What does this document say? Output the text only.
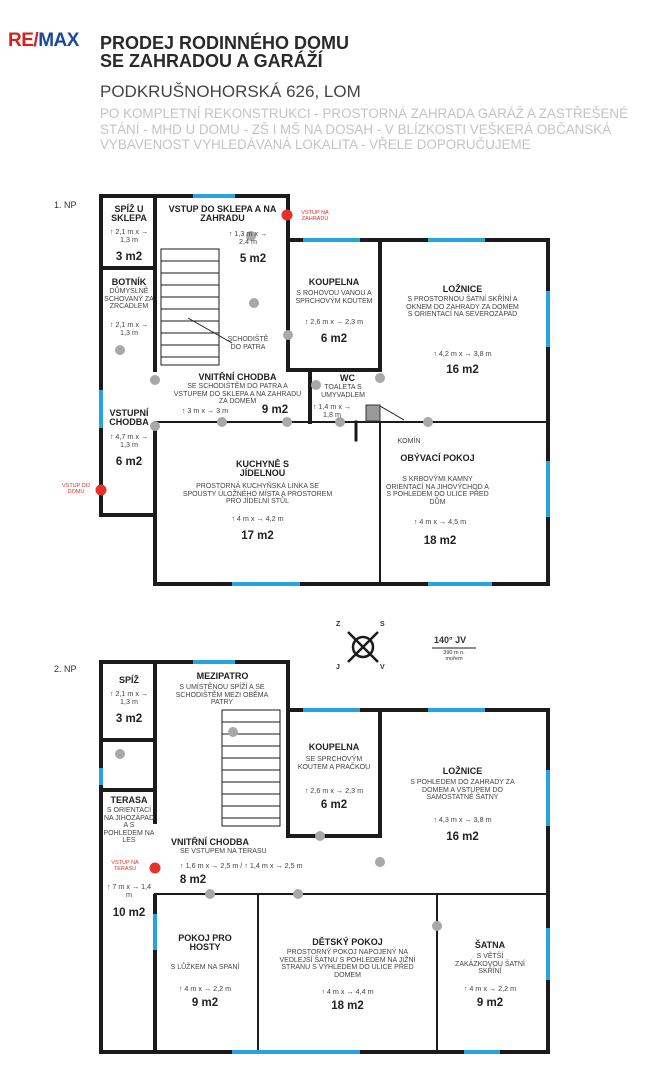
RE/MAX PRODEJ RODINNÉHO DOMU
SE ZAHRADOU A GARÁŽÍ
PODKRUŠNOHORSKÁ 626, LOM
PO KOMPLETNÍ REKONSTRUKCI - PROSTORNÁ ZAHRADA GARÁŽ A ZASTŘEŠENÉ STÁNÍ - MHD U DOMU - ZŠ I MŠ NA DOSAH - V BLÍZKOSTI VEŠKERÁ OBČANSKÁ VYBAVENOST VYHLEDÁVANÁ LOKALITA - VŘELE DOPORUČUJEME
1. NP
Z	S
J	V
140° JV
390 m n. mořem
SPÍŽ U SKLEPA
↑ 2,1 m x → 1,3 m
3 m2
VSTUP DO SKLEPA A NA ZAHRADU
↑ 1,3 m x → 2,4 m
5 m2
BOTNÍK
DŮMYSLNĚ SCHOVANÝ ZA ZRCADLEM
↑ 2,1 m x → 1,3 m
KOUPELNA
S ROHOVOU VANOU A SPRCHOVÝM KOUTEM
↑ 2,6 m x → 2,3 m
6 m2
LOŽNICE
S PROSTORNOU ŠATNÍ SKŘÍNÍ A OKNEM DO ZAHRADY ZA DOMEM S ORIENTACÍ NA SEVEROZÁPAD
↑ 4,2 m x → 3,8 m
16 m2
SCHODIŠTĚ DO PATRA
VNITŘNÍ CHODBA
SE SCHODIŠTĚM DO PATRA A VSTUPEM DO SKLEPA A NA ZAHRADU ZA DOMEM
↑ 3 m x → 3 m	9 m2
WC
TOALETA S UMYVADLEM
↑ 1,4 m x → 1,8 m
KOMÍN
VSTUPNÍ CHODBA
↑ 4,7 m x → 1,3 m
6 m2	KUCHYNĚ S JÍDELNOU
PROSTORNÁ KUCHYŇSKÁ LINKA SE SPOUSTY ÚLOŽNÉHO MÍSTA A PROSTOREM PRO JÍDELNÍ STŮL
↑ 4 m x → 4,2 m
17 m2
OBÝVACÍ POKOJ
S KRBOVÝMI KAMNY ORIENTACÍ NA JIHOVÝCHOD A S POHLEDEM DO ULICE PŘED DŮM
↑ 4 m x → 4,5 m
18 m2
VSTUP NA ZAHRADU
VSTUP DO DOMU
2. NP
SPÍŽ
↑ 2,1 m x → 1,3 m
3 m2
MEZIPATRO
S UMÍSTĚNOU SPÍŽÍ A SE SCHODIŠTĚM MEZI OBĚMA PATRY
KOUPELNA
SE SPRCHOVÝM KOUTEM A PRAČKOU
↑ 2,6 m x → 2,3 m
6 m2
LOŽNICE
S POHLEDEM DO ZAHRADY ZA DOMEM A VSTUPEM DO SAMOSTATNÉ ŠATNY
↑ 4,3 m x → 3,8 m
16 m2
TERASA
S ORIENTACÍ NA JIHOZÁPAD A S POHLEDEM NA LES
VSTUP NA TERASU
↑ 7 m x → 1,4 m
10 m2
VNITŘNÍ CHODBA
SE VSTUPEM NA TERASU
↑ 1,6 m x → 2,5 m / ↑ 1,4 m x → 2,5 m
8 m2
POKOJ PRO HOSTY
S LŮŽKEM NA SPANÍ
↑ 4 m x → 2,2 m
9 m2
DĚTSKÝ POKOJ
PROSTORNÝ POKOJ NAPOJENÝ NA VEDLEJŠÍ ŠATNU S POHLEDEM NA JIŽNÍ STRANU S VÝHLEDEM DO ULICE PŘED DOMEM
↑ 4 m x → 4,4 m
18 m2
ŠATNA
S VĚTŠÍ ZAKÁZKOVOU ŠATNÍ SKŘÍNÍ
↑ 4 m x → 2,2 m
9 m2
